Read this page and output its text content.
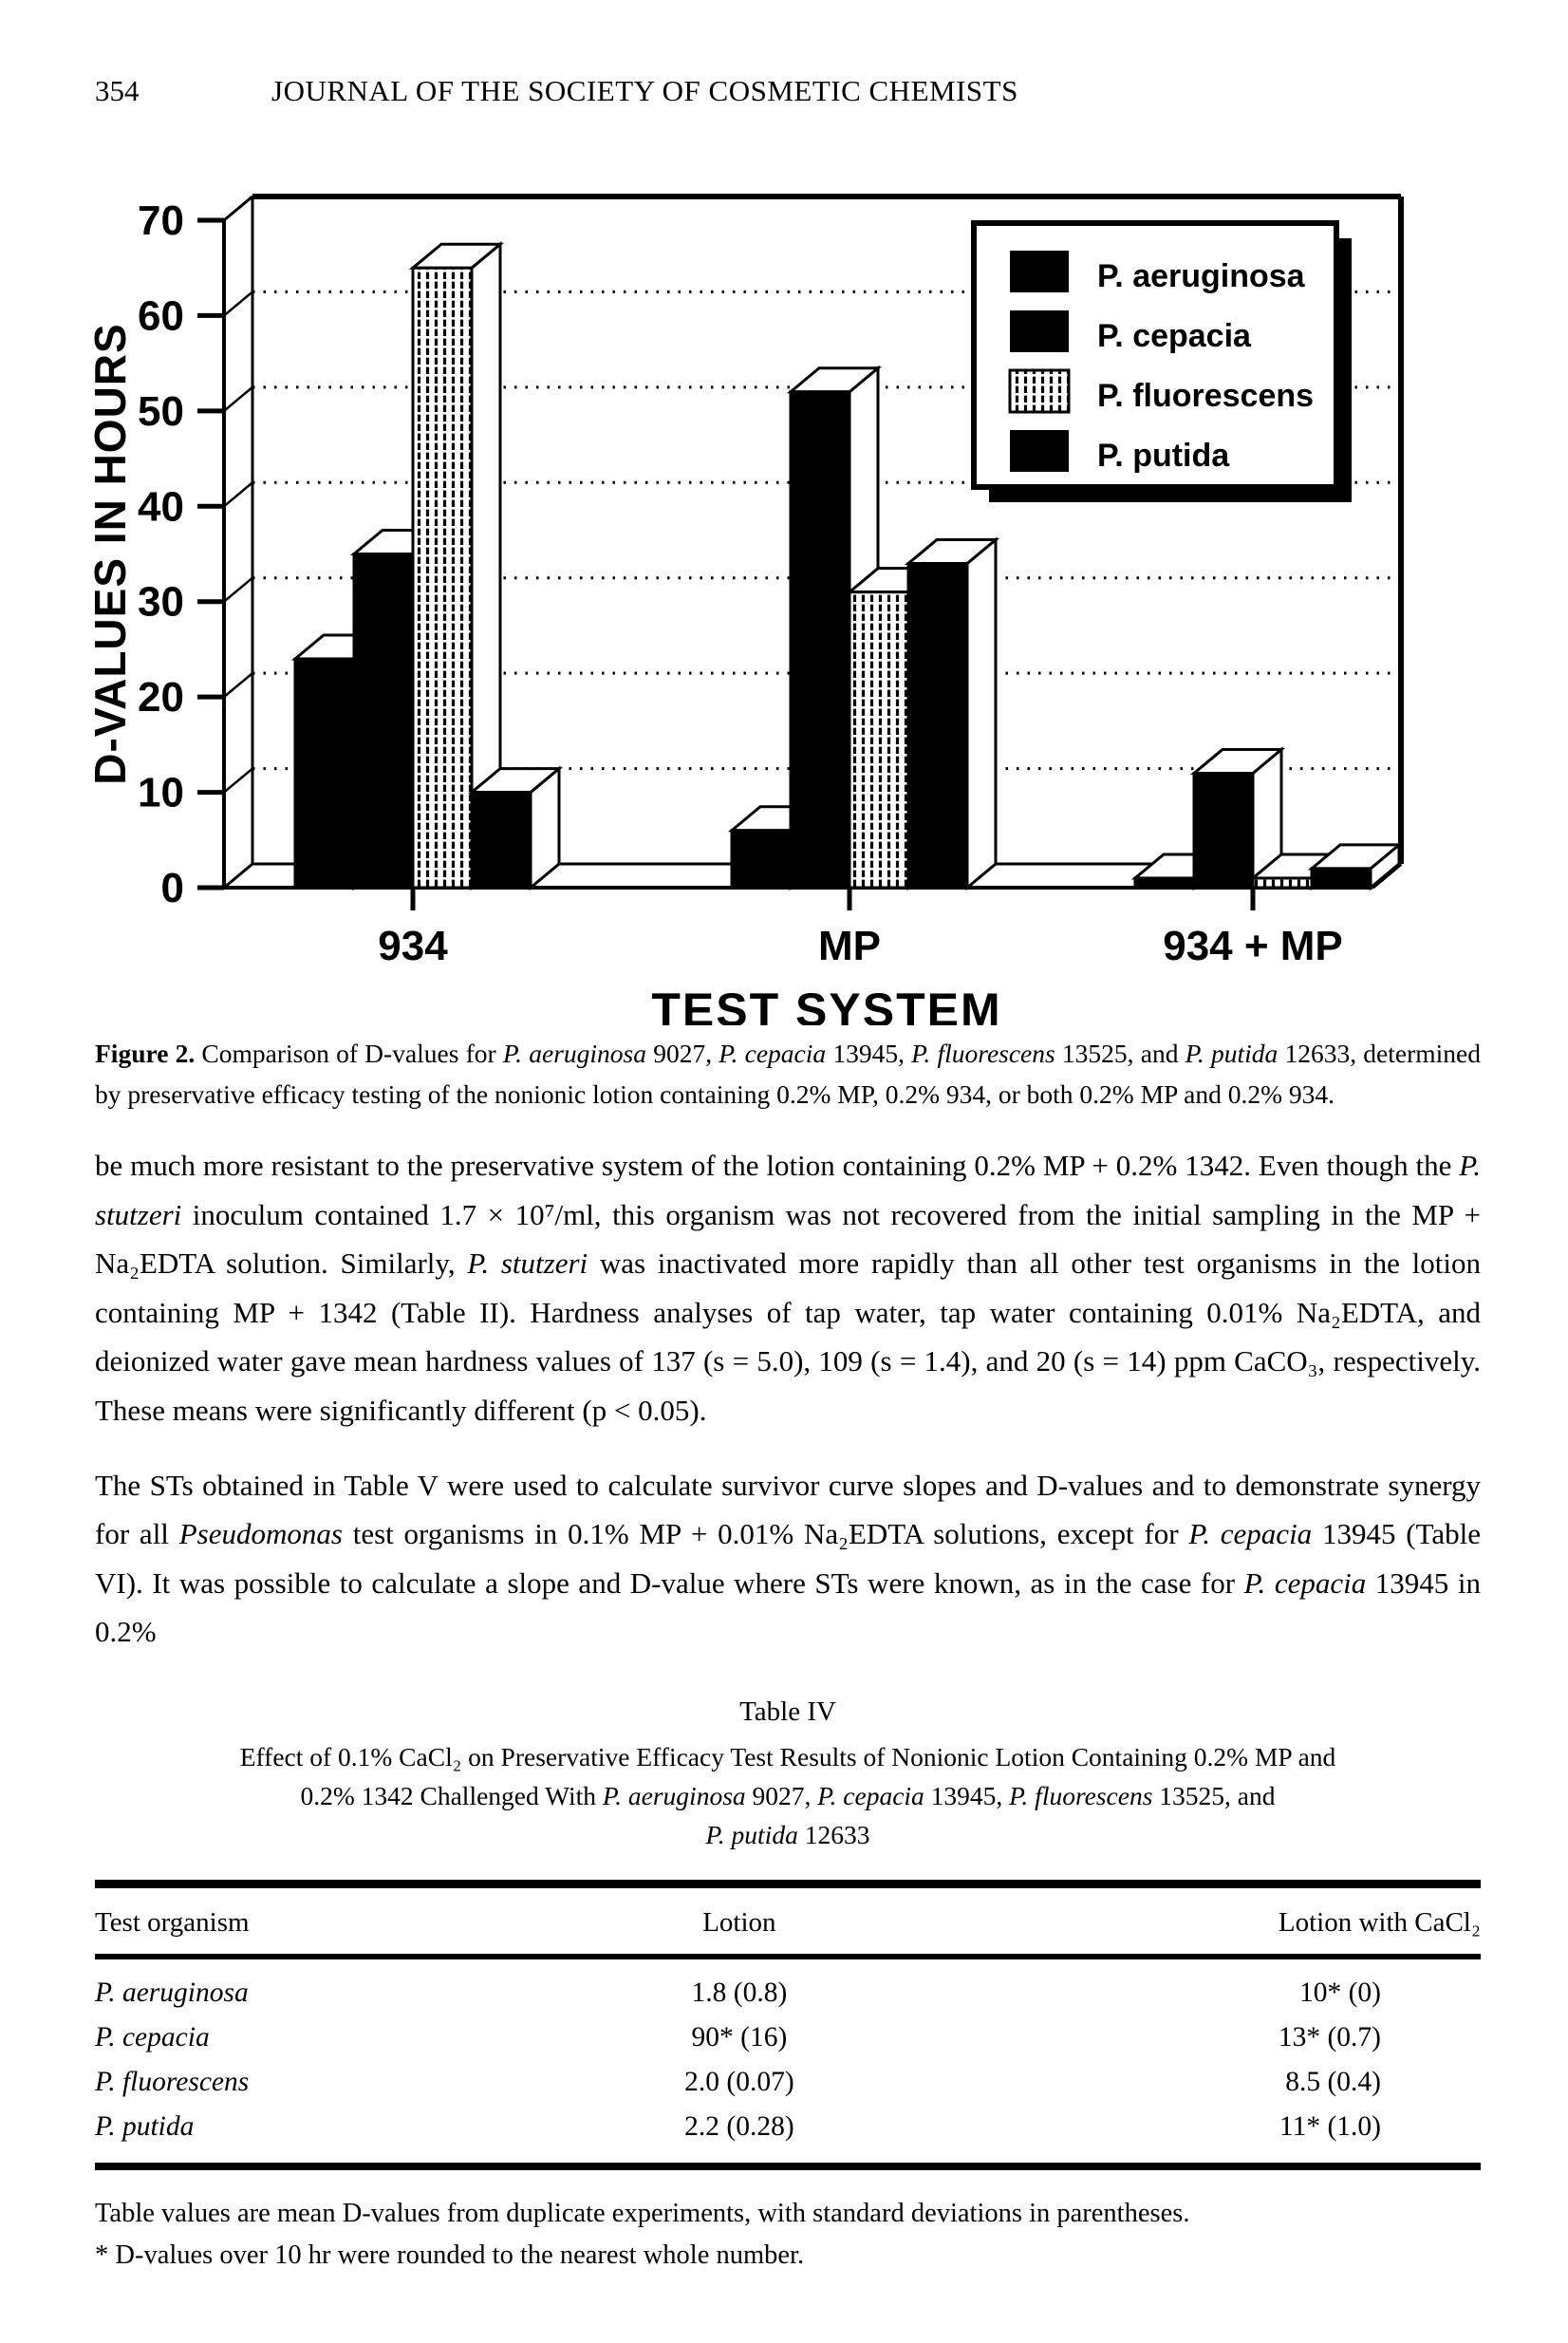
354	JOURNAL OF THE SOCIETY OF COSMETIC CHEMISTS
0
10
20
30
40
50
60
70
934	MP	934 + MP
TEST SYSTEM
D-VALUES IN HOURS
P. aeruginosa
P. cepacia
P. fluorescens
P. putida
Figure 2. Comparison of D-values for P. aeruginosa 9027, P. cepacia 13945, P. fluorescens 13525, and P. putida 12633, determined by preservative efficacy testing of the nonionic lotion containing 0.2% MP, 0.2% 934, or both 0.2% MP and 0.2% 934.
be much more resistant to the preservative system of the lotion containing 0.2% MP + 0.2% 1342. Even though the P. stutzeri inoculum contained 1.7 × 10⁷/ml, this organism was not recovered from the initial sampling in the MP + Na₂EDTA solution. Similarly, P. stutzeri was inactivated more rapidly than all other test organisms in the lotion containing MP + 1342 (Table II). Hardness analyses of tap water, tap water containing 0.01% Na₂EDTA, and deionized water gave mean hardness values of 137 (s = 5.0), 109 (s = 1.4), and 20 (s = 14) ppm CaCO₃, respectively. These means were significantly different (p < 0.05).
The STs obtained in Table V were used to calculate survivor curve slopes and D-values and to demonstrate synergy for all Pseudomonas test organisms in 0.1% MP + 0.01% Na₂EDTA solutions, except for P. cepacia 13945 (Table VI). It was possible to calculate a slope and D-value where STs were known, as in the case for P. cepacia 13945 in 0.2%
Table IV
Effect of 0.1% CaCl₂ on Preservative Efficacy Test Results of Nonionic Lotion Containing 0.2% MP and
0.2% 1342 Challenged With P. aeruginosa 9027, P. cepacia 13945, P. fluorescens 13525, and
P. putida 12633
Test organism	Lotion	Lotion with CaCl₂
P. aeruginosa	1.8 (0.8)	10* (0)
P. cepacia	90* (16)	13* (0.7)
P. fluorescens	2.0 (0.07)	8.5 (0.4)
P. putida	2.2 (0.28)	11* (1.0)
Table values are mean D-values from duplicate experiments, with standard deviations in parentheses.
* D-values over 10 hr were rounded to the nearest whole number.
